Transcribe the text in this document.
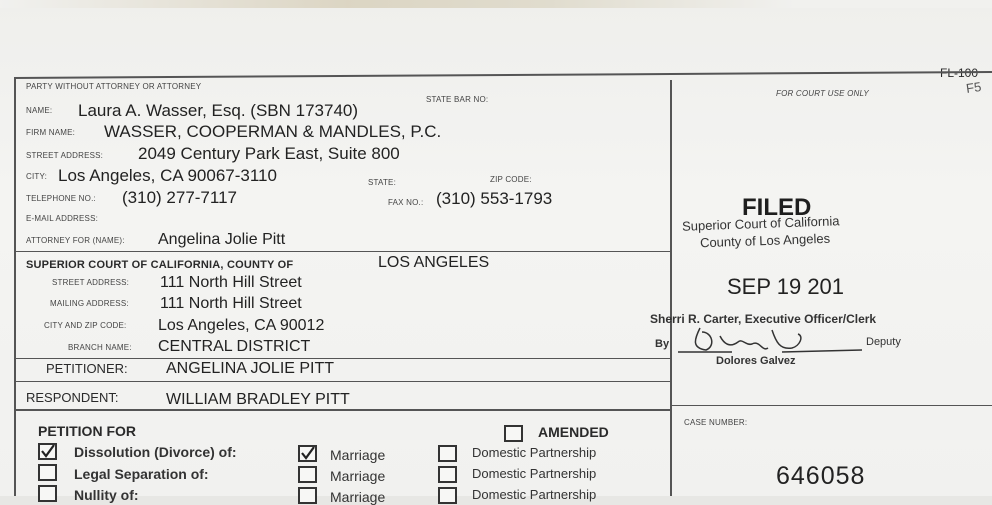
F5
PARTY WITHOUT ATTORNEY OR ATTORNEY
STATE BAR NO:
NAME: Laura A. Wasser, Esq. (SBN 173740)
FIRM NAME: WASSER, COOPERMAN & MANDLES, P.C.
STREET ADDRESS: 2049 Century Park East, Suite 800
CITY: Los Angeles, CA 90067-3110	STATE:	ZIP CODE:
TELEPHONE NO.: (310) 277-7117	FAX NO.: (310) 553-1793
E-MAIL ADDRESS:
ATTORNEY FOR (NAME): Angelina Jolie Pitt
SUPERIOR COURT OF CALIFORNIA, COUNTY OF	LOS ANGELES
STREET ADDRESS: 111 North Hill Street
MAILING ADDRESS: 111 North Hill Street
CITY AND ZIP CODE: Los Angeles, CA 90012
BRANCH NAME: CENTRAL DISTRICT
PETITIONER: ANGELINA JOLIE PITT
RESPONDENT:	WILLIAM BRADLEY PITT
PETITION FOR	AMENDED
Dissolution (Divorce) of:	Marriage	Domestic Partnership
Legal Separation of:	Marriage	Domestic Partnership
Nullity of:	Marriage	Domestic Partnership
FOR COURT USE ONLY
FILED
Superior Court of California
County of Los Angeles
SEP 19 201
Sherri R. Carter, Executive Officer/Clerk
By	Deputy
Dolores Galvez
CASE NUMBER:
646058
